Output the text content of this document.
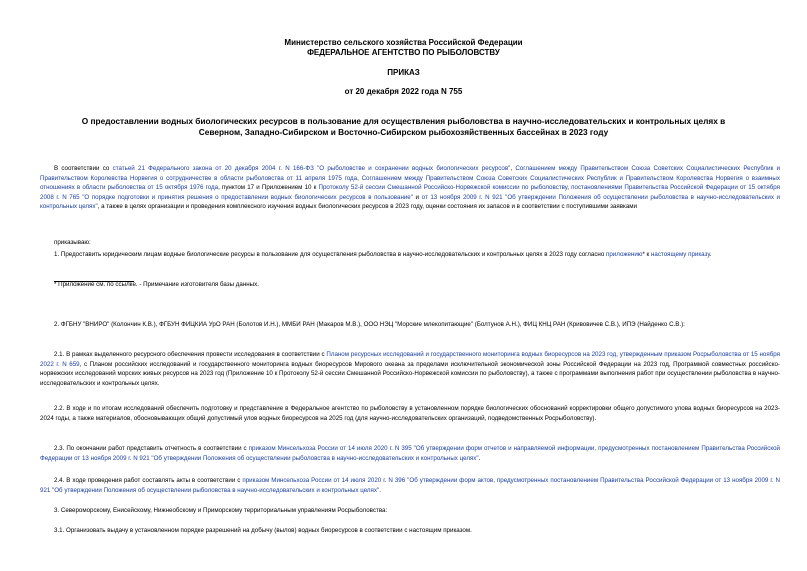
Министерство сельского хозяйства Российской Федерации
ФЕДЕРАЛЬНОЕ АГЕНТСТВО ПО РЫБОЛОВСТВУ
ПРИКАЗ
от 20 декабря 2022 года N 755
О предоставлении водных биологических ресурсов в пользование для осуществления рыболовства в научно-исследовательских и контрольных целях в
Северном, Западно-Сибирском и Восточно-Сибирском рыбохозяйственных бассейнах в 2023 году
В соответствии со статьей 21 Федерального закона от 20 декабря 2004 г. N 166-ФЗ "О рыболовстве и сохранении водных биологических ресурсов", Соглашением между Правительством Союза Советских Социалистических Республик и Правительством Королевства Норвегия о сотрудничестве в области рыболовства от 11 апреля 1975 года, Соглашением между Правительством Союза Советских Социалистических Республик и Правительством Королевства Норвегия о взаимных отношениях в области рыболовства от 15 октября 1976 года, пунктом 17 и Приложением 10 к Протоколу 52-й сессии Смешанной Российско-Норвежской комиссии по рыболовству, постановлениями Правительства Российской Федерации от 15 октября 2008 г. N 765 "О порядке подготовки и принятия решения о предоставлении водных биологических ресурсов в пользование" и от 13 ноября 2009 г. N 921 "Об утверждении Положения об осуществлении рыболовства в научно-исследовательских и контрольных целях", а также в целях организации и проведения комплексного изучения водных биологических ресурсов в 2023 году, оценки состояния их запасов и в соответствии с поступившими заявками
приказываю:
1. Предоставить юридическим лицам водные биологические ресурсы в пользование для осуществления рыболовства в научно-исследовательских и контрольных целях в 2023 году согласно приложению* к настоящему приказу.
* Приложение см. по ссылке. - Примечание изготовителя базы данных.
2. ФГБНУ "ВНИРО" (Колончин К.В.), ФГБУН ФИЦКИА УрО РАН (Болотов И.Н.), ММБИ РАН (Макаров М.В.), ООО НЭЦ "Морские млекопитающие" (Болтунов А.Н.), ФИЦ КНЦ РАН (Кривовичев С.В.), ИПЭ (Найденко С.В.):
2.1. В рамках выделенного ресурсного обеспечения провести исследования в соответствии с Планом ресурсных исследований и государственного мониторинга водных биоресурсов на 2023 год, утвержденным приказом Росрыболовства от 15 ноября 2022 г. N 659, с Планом российских исследований и государственного мониторинга водных биоресурсов Мирового океана за пределами исключительной экономической зоны Российской Федерации на 2023 год, Программой совместных российско-норвежских исследований морских живых ресурсов на 2023 год (Приложение 10 к Протоколу 52-й сессии Смешанной Российско-Норвежской комиссии по рыболовству), а также с программами выполнения работ при осуществлении рыболовства в научно-исследовательских и контрольных целях.
2.2. В ходе и по итогам исследований обеспечить подготовку и представление в Федеральное агентство по рыболовству в установленном порядке биологических обоснований корректировки общего допустимого улова водных биоресурсов на 2023-2024 годы, а также материалов, обосновывающих общий допустимый улов водных биоресурсов на 2025 год (для научно-исследовательских организаций, подведомственных Росрыболовству).
2.3. По окончании работ представить отчетность в соответствии с приказом Минсельхоза России от 14 июля 2020 г. N 395 "Об утверждении форм отчетов и направляемой информации, предусмотренных постановлением Правительства Российской Федерации от 13 ноября 2009 г. N 921 "Об утверждении Положения об осуществлении рыболовства в научно-исследовательских и контрольных целях".
2.4. В ходе проведения работ составлять акты в соответствии с приказом Минсельхоза России от 14 июля 2020 г. N 396 "Об утверждении форм актов, предусмотренных постановлением Правительства Российской Федерации от 13 ноября 2009 г. N 921 "Об утверждении Положения об осуществлении рыболовства в научно-исследовательских и контрольных целях".
3. Североморскому, Енисейскому, Нижнеобскому и Приморскому территориальным управлениям Росрыболовства:
3.1. Организовать выдачу в установленном порядке разрешений на добычу (вылов) водных биоресурсов в соответствии с настоящим приказом.
